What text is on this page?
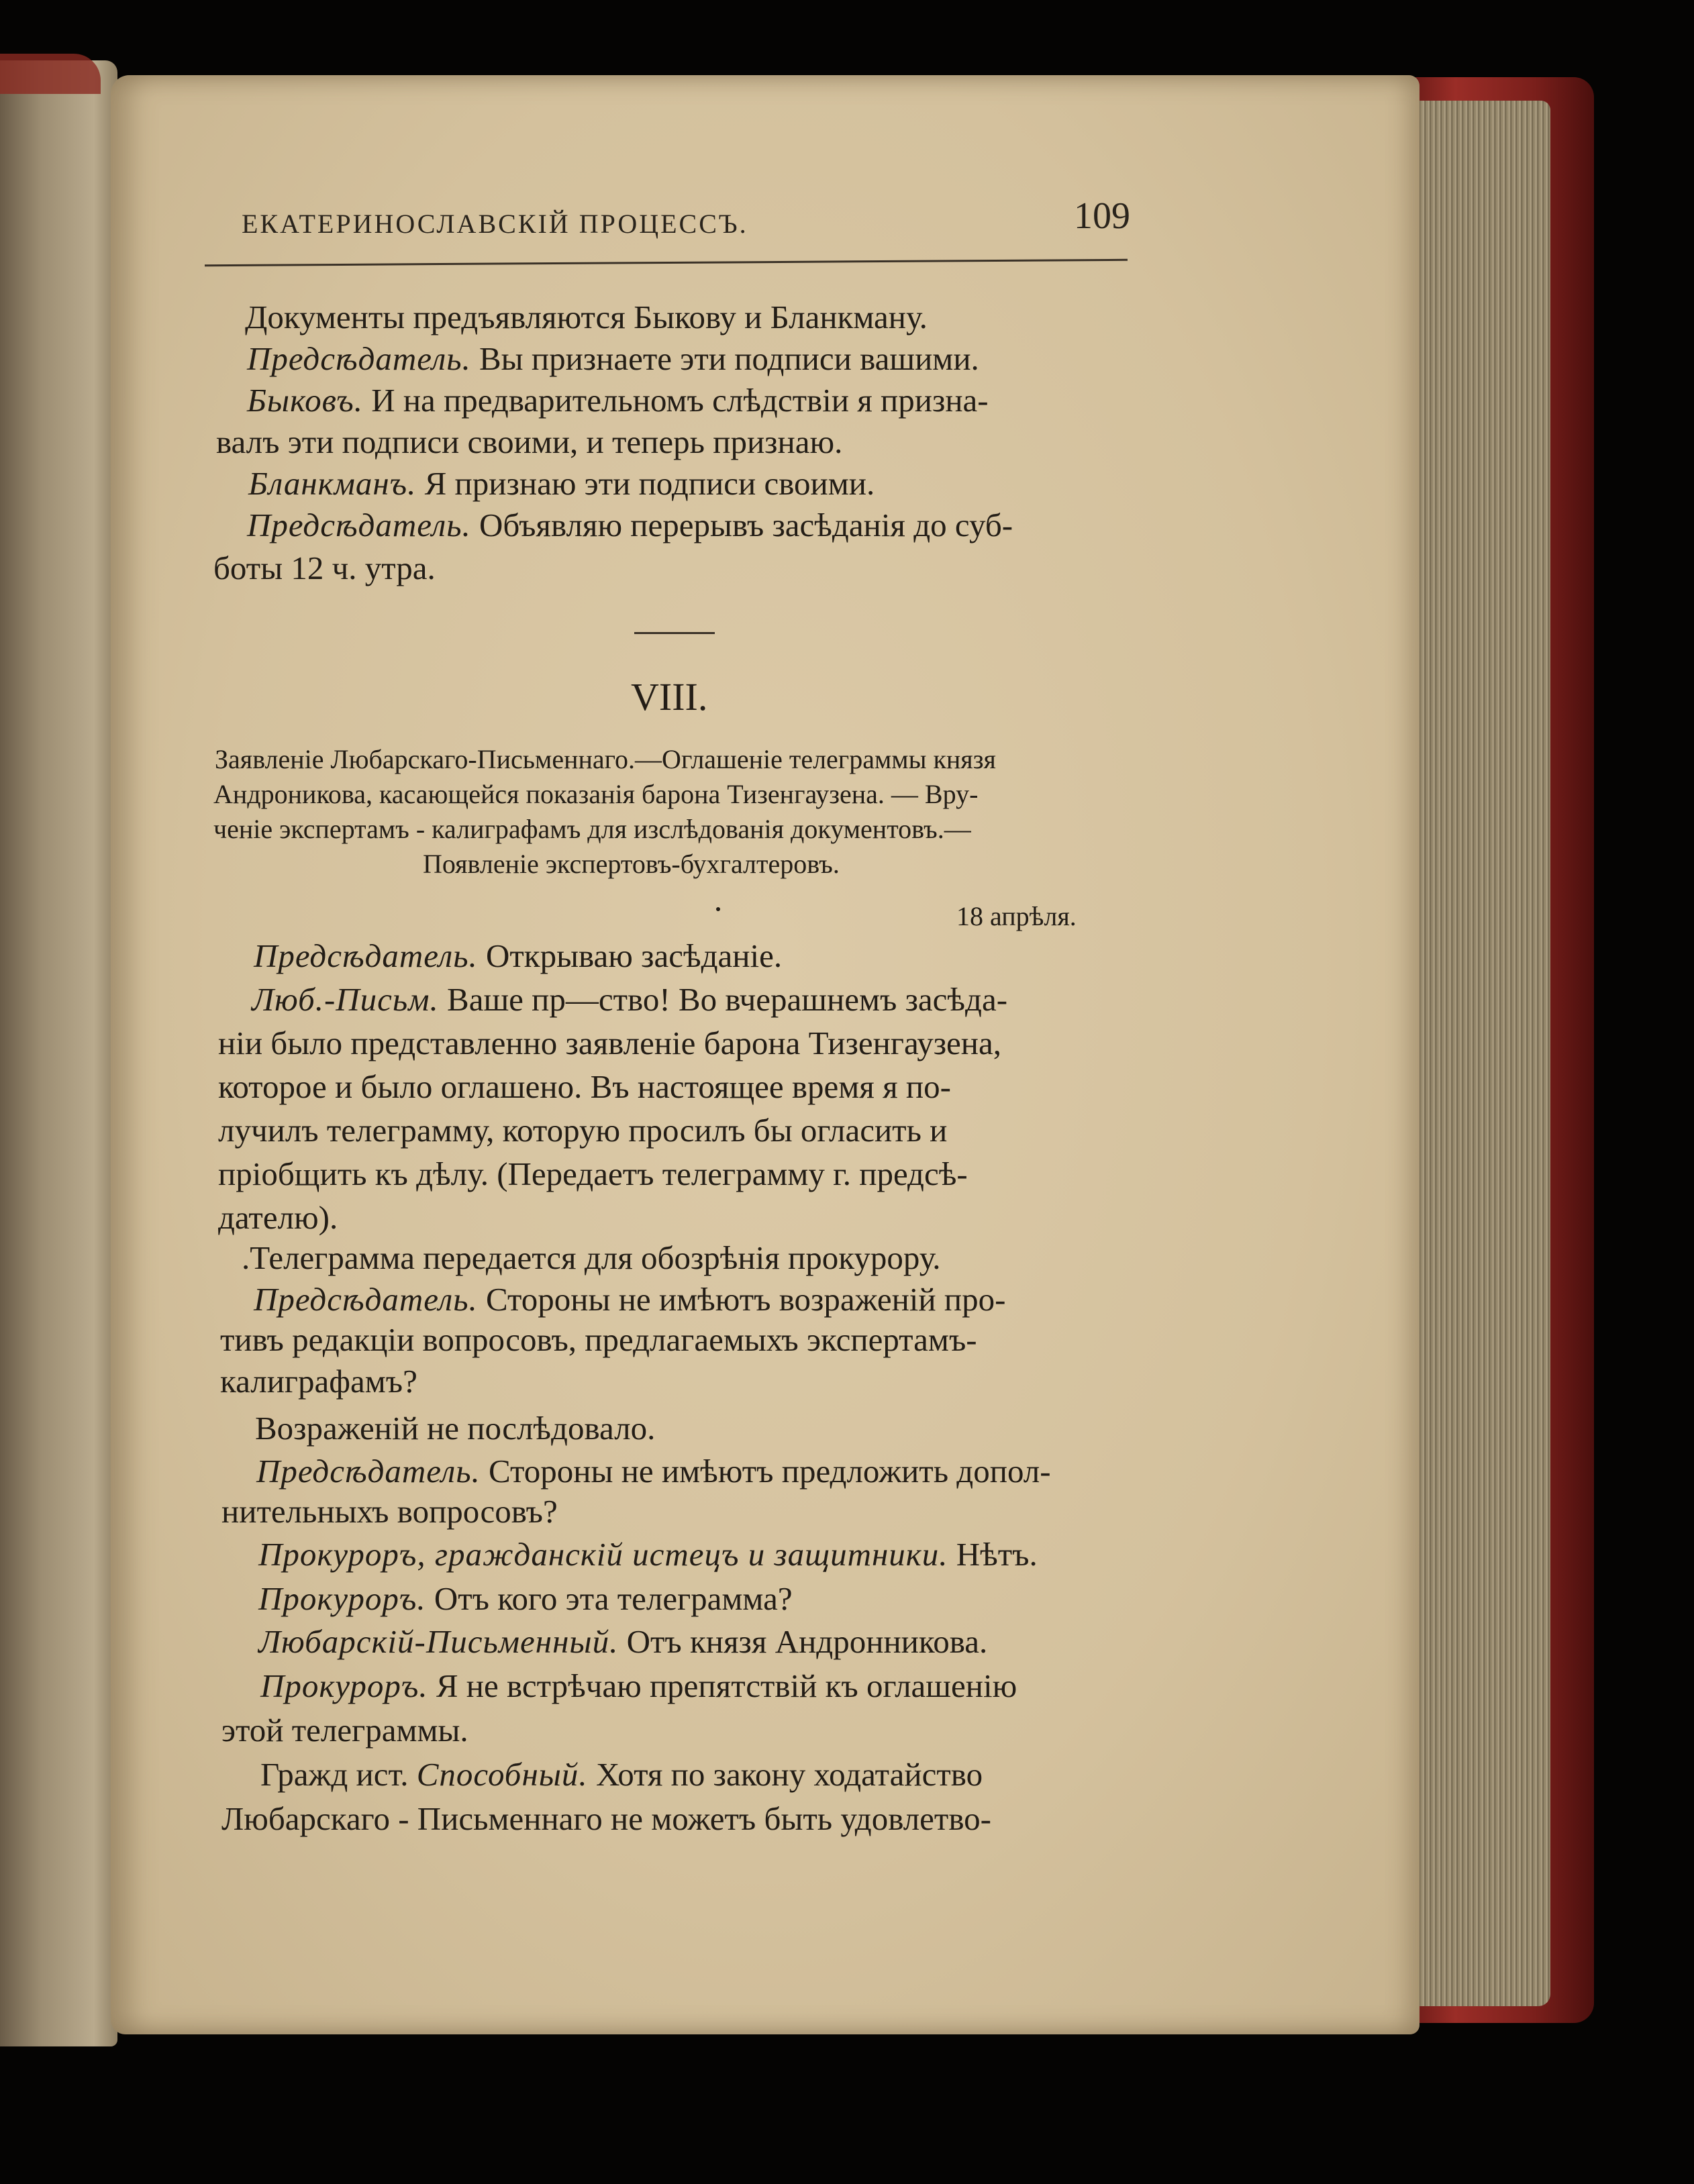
ЕКАТЕРИНОСЛАВСКІЙ ПРОЦЕССЪ.	109
Документы предъявляются Быкову и Бланкману.
Предсѣдатель. Вы признаете эти подписи вашими.
Быковъ. И на предварительномъ слѣдствіи я призна-
валъ эти подписи своими, и теперь признаю.
Бланкманъ. Я признаю эти подписи своими.
Предсѣдатель. Объявляю перерывъ засѣданія до суб-
боты 12 ч. утра.
VIII.
Заявленіе Любарскаго-Письменнаго.—Оглашеніе телеграммы князя
Андроникова, касающейся показанія барона Тизенгаузена. — Вру-
ченіе экспертамъ - калиграфамъ для изслѣдованія документовъ.—
Появленіе экспертовъ-бухгалтеровъ.
18 апрѣля.
Предсѣдатель. Открываю засѣданіе.
Люб.-Письм. Ваше пр—ство! Во вчерашнемъ засѣда-
ніи было представленно заявленіе барона Тизенгаузена,
которое и было оглашено. Въ настоящее время я по-
лучилъ телеграмму, которую просилъ бы огласить и
пріобщить къ дѣлу. (Передаетъ телеграмму г. предсѣ-
дателю).
.Телеграмма передается для обозрѣнія прокурору.
Предсѣдатель. Стороны не имѣютъ возраженій про-
тивъ редакціи вопросовъ, предлагаемыхъ экспертамъ-
калиграфамъ?
Возраженій не послѣдовало.
Предсѣдатель. Стороны не имѣютъ предложить допол-
нительныхъ вопросовъ?
Прокуроръ, гражданскій истецъ и защитники. Нѣтъ.
Прокуроръ. Отъ кого эта телеграмма?
Любарскій-Письменный. Отъ князя Андронникова.
Прокуроръ. Я не встрѣчаю препятствій къ оглашенію
этой телеграммы.
Гражд ист. Способный. Хотя по закону ходатайство
Любарскаго - Письменнаго не можетъ быть удовлетво-
